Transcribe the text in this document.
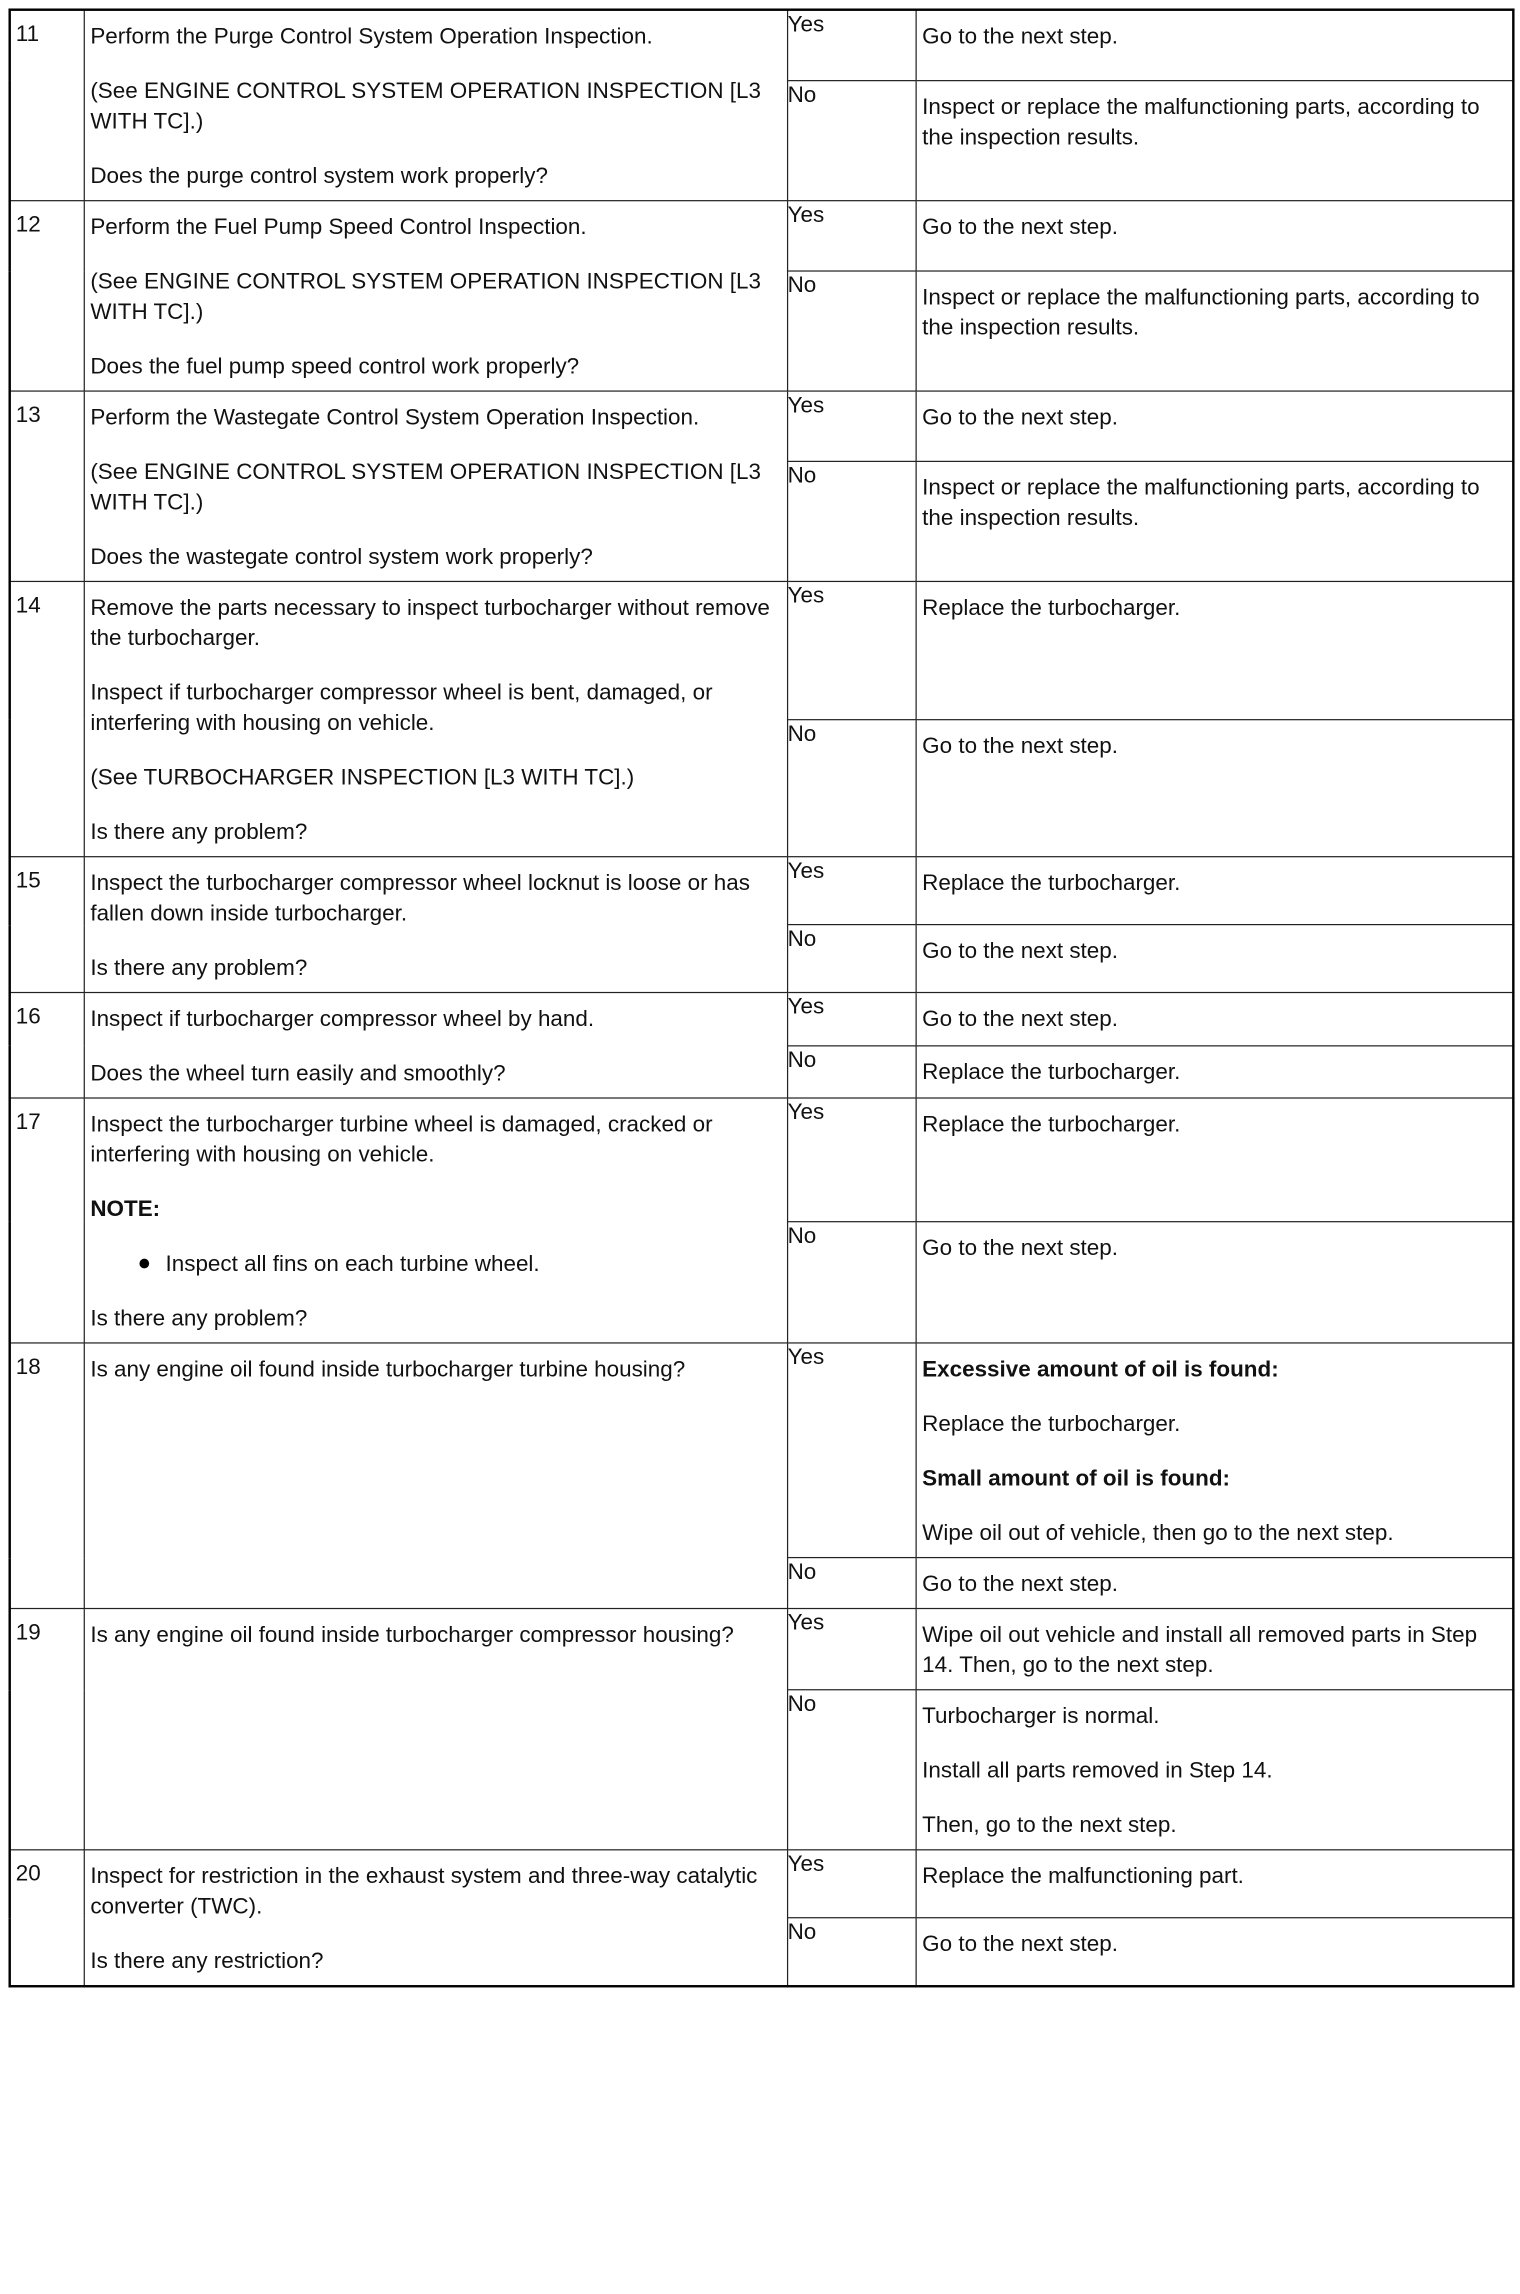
11	Perform the Purge Control System Operation Inspection.

(See ENGINE CONTROL SYSTEM OPERATION INSPECTION [L3 WITH TC].)

Does the purge control system work properly?	Yes	Go to the next step.

		No	Inspect or replace the malfunctioning parts, according to the inspection results.

12	Perform the Fuel Pump Speed Control Inspection.

(See ENGINE CONTROL SYSTEM OPERATION INSPECTION [L3 WITH TC].)

Does the fuel pump speed control work properly?	Yes	Go to the next step.

		No	Inspect or replace the malfunctioning parts, according to the inspection results.

13	Perform the Wastegate Control System Operation Inspection.

(See ENGINE CONTROL SYSTEM OPERATION INSPECTION [L3 WITH TC].)

Does the wastegate control system work properly?	Yes	Go to the next step.

		No	Inspect or replace the malfunctioning parts, according to the inspection results.

14	Remove the parts necessary to inspect turbocharger without remove the turbocharger.

Inspect if turbocharger compressor wheel is bent, damaged, or interfering with housing on vehicle.

(See TURBOCHARGER INSPECTION [L3 WITH TC].)

Is there any problem?	Yes	Replace the turbocharger.

		No	Go to the next step.

15	Inspect the turbocharger compressor wheel locknut is loose or has fallen down inside turbocharger.

Is there any problem?	Yes	Replace the turbocharger.

		No	Go to the next step.

16	Inspect if turbocharger compressor wheel by hand.

Does the wheel turn easily and smoothly?	Yes	Go to the next step.

		No	Replace the turbocharger.

17	Inspect the turbocharger turbine wheel is damaged, cracked or interfering with housing on vehicle.

NOTE:

Inspect all fins on each turbine wheel.

Is there any problem?	Yes	Replace the turbocharger.

		No	Go to the next step.

18	Is any engine oil found inside turbocharger turbine housing?	Yes	Excessive amount of oil is found:

Replace the turbocharger.

Small amount of oil is found:

Wipe oil out of vehicle, then go to the next step.

		No	Go to the next step.

19	Is any engine oil found inside turbocharger compressor housing?	Yes	Wipe oil out vehicle and install all removed parts in Step 14. Then, go to the next step.

		No	Turbocharger is normal.

Install all parts removed in Step 14.

Then, go to the next step.

20	Inspect for restriction in the exhaust system and three-way catalytic converter (TWC).

Is there any restriction?	Yes	Replace the malfunctioning part.

		No	Go to the next step.
